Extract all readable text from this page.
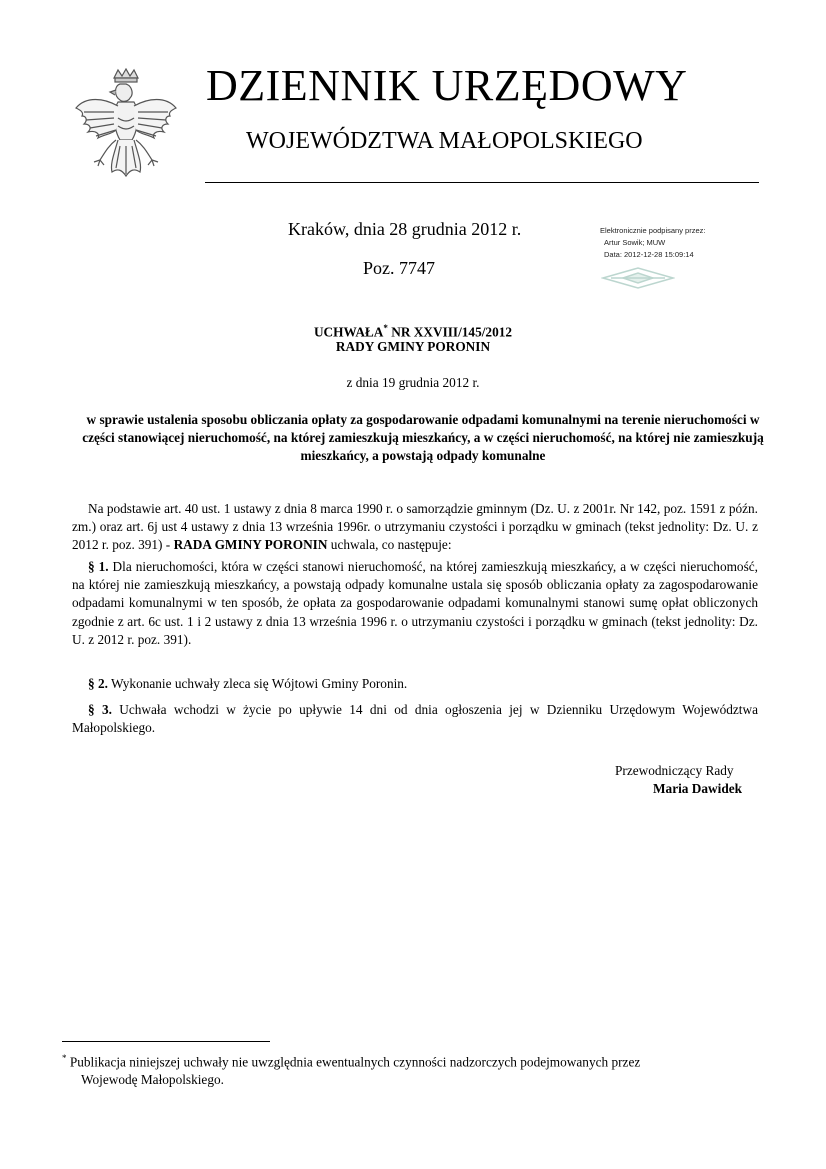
DZIENNIK URZĘDOWY
WOJEWÓDZTWA MAŁOPOLSKIEGO
Kraków, dnia 28 grudnia 2012 r.
Poz. 7747
Elektronicznie podpisany przez:
Artur Sowik; MUW
Data: 2012-12-28 15:09:14
UCHWAŁA* NR XXVIII/145/2012
RADY GMINY PORONIN
z dnia 19 grudnia 2012 r.
w sprawie ustalenia sposobu obliczania opłaty za gospodarowanie odpadami komunalnymi na terenie nieruchomości w części stanowiącej nieruchomość, na której zamieszkują mieszkańcy, a w części nieruchomość, na której nie zamieszkują mieszkańcy, a powstają odpady komunalne
Na podstawie art. 40 ust. 1 ustawy z dnia 8 marca 1990 r. o samorządzie gminnym (Dz. U. z 2001r. Nr 142, poz. 1591 z późn. zm.) oraz art. 6j ust 4 ustawy z dnia 13 września 1996r. o utrzymaniu czystości i porządku w gminach (tekst jednolity: Dz. U. z 2012 r. poz. 391) - RADA GMINY PORONIN uchwala, co następuje:
§ 1. Dla nieruchomości, która w części stanowi nieruchomość, na której zamieszkują mieszkańcy, a w części nieruchomość, na której nie zamieszkują mieszkańcy, a powstają odpady komunalne ustala się sposób obliczania opłaty za zagospodarowanie odpadami komunalnymi w ten sposób, że opłata za gospodarowanie odpadami komunalnymi stanowi sumę opłat obliczonych zgodnie z art. 6c ust. 1 i 2 ustawy z dnia 13 września 1996 r. o utrzymaniu czystości i porządku w gminach (tekst jednolity: Dz. U. z 2012 r. poz. 391).
§ 2. Wykonanie uchwały zleca się Wójtowi Gminy Poronin.
§ 3. Uchwała wchodzi w życie po upływie 14 dni od dnia ogłoszenia jej w Dzienniku Urzędowym Województwa Małopolskiego.
Przewodniczący Rady
Maria Dawidek
* Publikacja niniejszej uchwały nie uwzględnia ewentualnych czynności nadzorczych podejmowanych przez
Wojewodę Małopolskiego.
